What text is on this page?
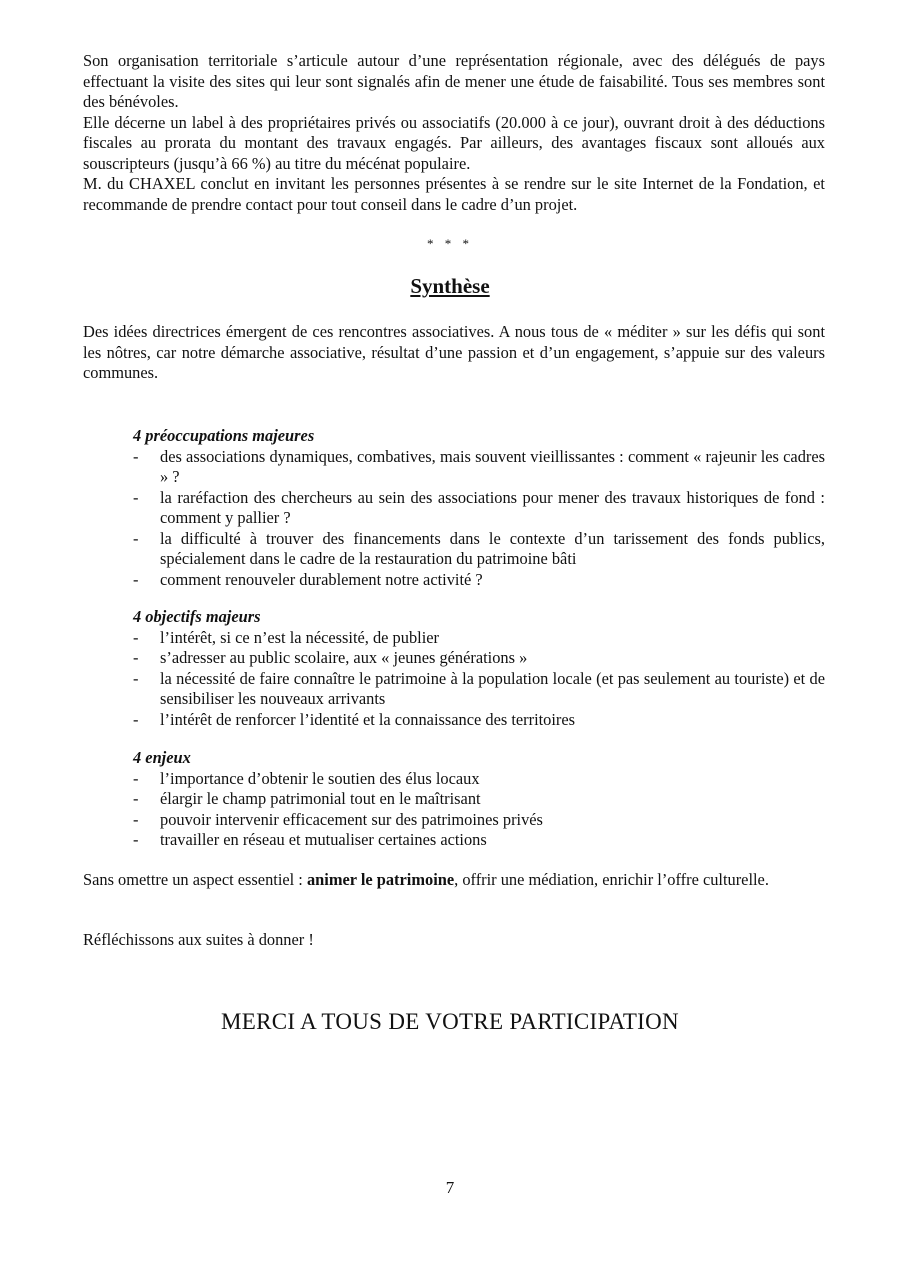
Son organisation territoriale s’articule autour d’une représentation régionale, avec des délégués de pays effectuant la visite des sites qui leur sont signalés afin de mener une étude de faisabilité. Tous ses membres sont des bénévoles.

Elle décerne un label à des propriétaires privés ou associatifs (20.000 à ce jour), ouvrant droit à des déductions fiscales au prorata du montant des travaux engagés. Par ailleurs, des avantages fiscaux sont alloués aux souscripteurs (jusqu’à 66 %) au titre du mécénat populaire.

M. du CHAXEL conclut en invitant les personnes présentes à se rendre sur le site Internet de la Fondation, et recommande de prendre contact pour tout conseil dans le cadre d’un projet.

* * *
Synthèse

Des idées directrices émergent de ces rencontres associatives. A nous tous de « méditer » sur les défis qui sont les nôtres, car notre démarche associative, résultat d’une passion et d’un engagement, s’appuie sur des valeurs communes.

4 préoccupations majeures
- des associations dynamiques, combatives, mais souvent vieillissantes : comment « rajeunir les cadres » ?
- la raréfaction des chercheurs au sein des associations pour mener des travaux historiques de fond : comment y pallier ?
- la difficulté à trouver des financements dans le contexte d’un tarissement des fonds publics, spécialement dans le cadre de la restauration du patrimoine bâti
- comment renouveler durablement notre activité ?
4 objectifs majeurs
- l’intérêt, si ce n’est la nécessité, de publier
- s’adresser au public scolaire, aux « jeunes générations »
- la nécessité de faire connaître le patrimoine à la population locale (et pas seulement au touriste) et de sensibiliser les nouveaux arrivants
- l’intérêt de renforcer l’identité et la connaissance des territoires
4 enjeux
- l’importance d’obtenir le soutien des élus locaux
- élargir le champ patrimonial tout en le maîtrisant
- pouvoir intervenir efficacement sur des patrimoines privés
- travailler en réseau et mutualiser certaines actions

Sans omettre un aspect essentiel : animer le patrimoine, offrir une médiation, enrichir l’offre culturelle.

Réfléchissons aux suites à donner !

MERCI A TOUS DE VOTRE PARTICIPATION
7
